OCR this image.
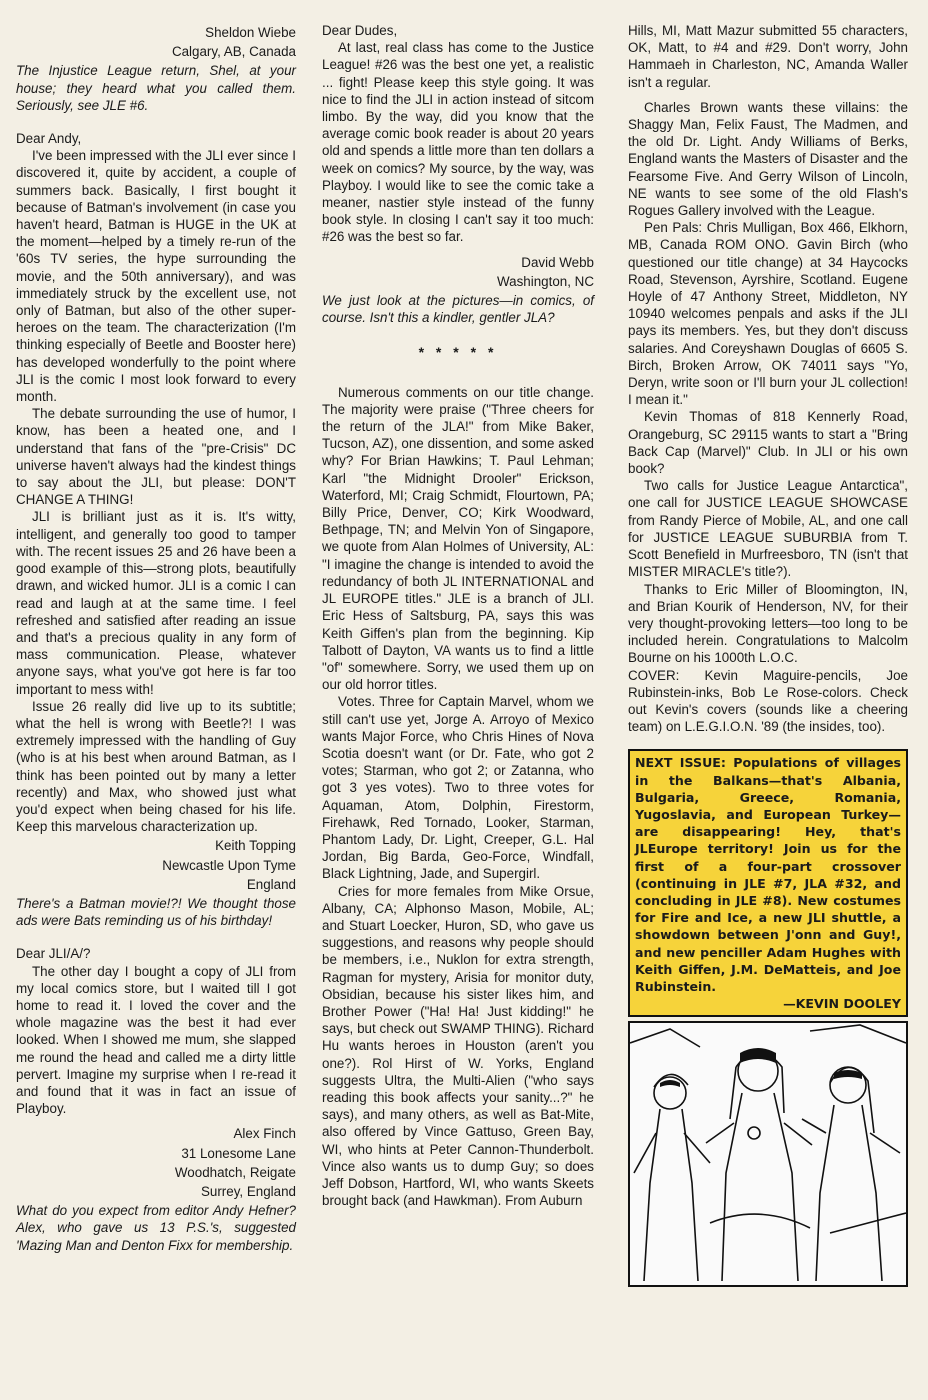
Sheldon Wiebe
Calgary, AB, Canada
The Injustice League return, Shel, at your house; they heard what you called them. Seriously, see JLE #6.
Dear Andy,

I've been impressed with the JLI ever since I discovered it, quite by accident, a couple of summers back. Basically, I first bought it because of Batman's involvement (in case you haven't heard, Batman is HUGE in the UK at the moment—helped by a timely re-run of the '60s TV series, the hype surrounding the movie, and the 50th anniversary), and was immediately struck by the excellent use, not only of Batman, but also of the other super-heroes on the team. The characterization (I'm thinking especially of Beetle and Booster here) has developed wonderfully to the point where JLI is the comic I most look forward to every month.

The debate surrounding the use of humor, I know, has been a heated one, and I understand that fans of the "pre-Crisis" DC universe haven't always had the kindest things to say about the JLI, but please: DON'T CHANGE A THING!

JLI is brilliant just as it is. It's witty, intelligent, and generally too good to tamper with. The recent issues 25 and 26 have been a good example of this—strong plots, beautifully drawn, and wicked humor. JLI is a comic I can read and laugh at at the same time. I feel refreshed and satisfied after reading an issue and that's a precious quality in any form of mass communication. Please, whatever anyone says, what you've got here is far too important to mess with!

Issue 26 really did live up to its subtitle; what the hell is wrong with Beetle?! I was extremely impressed with the handling of Guy (who is at his best when around Batman, as I think has been pointed out by many a letter recently) and Max, who showed just what you'd expect when being chased for his life. Keep this marvelous characterization up.

Keith Topping
Newcastle Upon Tyme
England
There's a Batman movie!?! We thought those ads were Bats reminding us of his birthday!
Dear JLI/A/?

The other day I bought a copy of JLI from my local comics store, but I waited till I got home to read it. I loved the cover and the whole magazine was the best it had ever looked. When I showed me mum, she slapped me round the head and called me a dirty little pervert. Imagine my surprise when I re-read it and found that it was in fact an issue of Playboy.

Alex Finch
31 Lonesome Lane
Woodhatch, Reigate
Surrey, England
What do you expect from editor Andy Hefner? Alex, who gave us 13 P.S.'s, suggested 'Mazing Man and Denton Fixx for membership.
Dear Dudes,

At last, real class has come to the Justice League! #26 was the best one yet, a realistic ... fight! Please keep this style going. It was nice to find the JLI in action instead of sitcom limbo. By the way, did you know that the average comic book reader is about 20 years old and spends a little more than ten dollars a week on comics? My source, by the way, was Playboy. I would like to see the comic take a meaner, nastier style instead of the funny book style. In closing I can't say it too much: #26 was the best so far.

David Webb
Washington, NC
We just look at the pictures—in comics, of course. Isn't this a kindler, gentler JLA?
* * * * *

Numerous comments on our title change. The majority were praise ("Three cheers for the return of the JLA!" from Mike Baker, Tucson, AZ), one dissention, and some asked why? For Brian Hawkins; T. Paul Lehman; Karl "the Midnight Drooler" Erickson, Waterford, MI; Craig Schmidt, Flourtown, PA; Billy Price, Denver, CO; Kirk Woodward, Bethpage, TN; and Melvin Yon of Singapore, we quote from Alan Holmes of University, AL: "I imagine the change is intended to avoid the redundancy of both JL INTERNATIONAL and JL EUROPE titles." JLE is a branch of JLI. Eric Hess of Saltsburg, PA, says this was Keith Giffen's plan from the beginning. Kip Talbott of Dayton, VA wants us to find a little "of" somewhere. Sorry, we used them up on our old horror titles.

Votes. Three for Captain Marvel, whom we still can't use yet, Jorge A. Arroyo of Mexico wants Major Force, who Chris Hines of Nova Scotia doesn't want (or Dr. Fate, who got 2 votes; Starman, who got 2; or Zatanna, who got 3 yes votes). Two to three votes for Aquaman, Atom, Dolphin, Firestorm, Firehawk, Red Tornado, Looker, Starman, Phantom Lady, Dr. Light, Creeper, G.L. Hal Jordan, Big Barda, Geo-Force, Windfall, Black Lightning, Jade, and Supergirl.

Cries for more females from Mike Orsue, Albany, CA; Alphonso Mason, Mobile, AL; and Stuart Loecker, Huron, SD, who gave us suggestions, and reasons why people should be members, i.e., Nuklon for extra strength, Ragman for mystery, Arisia for monitor duty, Obsidian, because his sister likes him, and Brother Power ("Ha! Ha! Just kidding!" he says, but check out SWAMP THING). Richard Hu wants heroes in Houston (aren't you one?). Rol Hirst of W. Yorks, England suggests Ultra, the Multi-Alien ("who says reading this book affects your sanity...?" he says), and many others, as well as Bat-Mite, also offered by Vince Gattuso, Green Bay, WI, who hints at Peter Cannon-Thunderbolt. Vince also wants us to dump Guy; so does Jeff Dobson, Hartford, WI, who wants Skeets brought back (and Hawkman). From Auburn

Hills, MI, Matt Mazur submitted 55 characters, OK, Matt, to #4 and #29. Don't worry, John Hammaeh in Charleston, NC, Amanda Waller isn't a regular.

Charles Brown wants these villains: the Shaggy Man, Felix Faust, The Madmen, and the old Dr. Light. Andy Williams of Berks, England wants the Masters of Disaster and the Fearsome Five. And Gerry Wilson of Lincoln, NE wants to see some of the old Flash's Rogues Gallery involved with the League.

Pen Pals: Chris Mulligan, Box 466, Elkhorn, MB, Canada ROM ONO. Gavin Birch (who questioned our title change) at 34 Haycocks Road, Stevenson, Ayrshire, Scotland. Eugene Hoyle of 47 Anthony Street, Middleton, NY 10940 welcomes penpals and asks if the JLI pays its members. Yes, but they don't discuss salaries. And Coreyshawn Douglas of 6605 S. Birch, Broken Arrow, OK 74011 says "Yo, Deryn, write soon or I'll burn your JL collection! I mean it."

Kevin Thomas of 818 Kennerly Road, Orangeburg, SC 29115 wants to start a "Bring Back Cap (Marvel)" Club. In JLI or his own book?

Two calls for Justice League Antarctica", one call for JUSTICE LEAGUE SHOWCASE from Randy Pierce of Mobile, AL, and one call for JUSTICE LEAGUE SUBURBIA from T. Scott Benefield in Murfreesboro, TN (isn't that MISTER MIRACLE's title?).

Thanks to Eric Miller of Bloomington, IN, and Brian Kourik of Henderson, NV, for their very thought-provoking letters—too long to be included herein. Congratulations to Malcolm Bourne on his 1000th L.O.C.

COVER: Kevin Maguire-pencils, Joe Rubinstein-inks, Bob Le Rose-colors. Check out Kevin's covers (sounds like a cheering team) on L.E.G.I.O.N. '89 (the insides, too).

NEXT ISSUE: Populations of villages in the Balkans—that's Albania, Bulgaria, Greece, Romania, Yugoslavia, and European Turkey—are disappearing! Hey, that's JLEurope territory! Join us for the first of a four-part crossover (continuing in JLE #7, JLA #32, and concluding in JLE #8). New costumes for Fire and Ice, a new JLI shuttle, a showdown between J'onn and Guy!, and new penciller Adam Hughes with Keith Giffen, J.M. DeMatteis, and Joe Rubinstein.
—KEVIN DOOLEY
